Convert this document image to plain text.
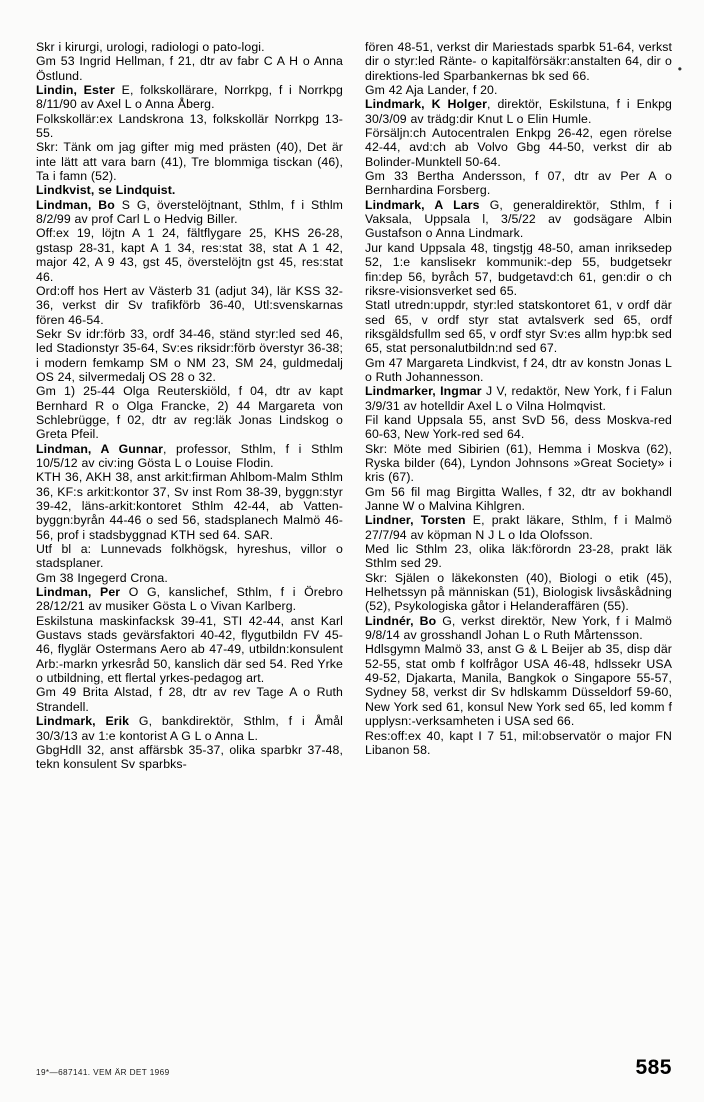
•

Skr i kirurgi, urologi, radiologi o pato-logi.

Gm 53 Ingrid Hellman, f 21, dtr av fabr C A H o Anna Östlund.

Lindin, Ester E, folkskollärare, Norrkpg, f i Norrkpg 8/11/90 av Axel L o Anna Åberg.

Folkskollär:ex Landskrona 13, folkskollär Norrkpg 13-55.

Skr: Tänk om jag gifter mig med prästen (40), Det är inte lätt att vara barn (41), Tre blommiga tisckan (46), Ta i famn (52).

Lindkvist, se Lindquist.

Lindman, Bo S G, överstelöjtnant, Sthlm, f i Sthlm 8/2/99 av prof Carl L o Hedvig Biller.

Off:ex 19, löjtn A 1 24, fältflygare 25, KHS 26-28, gstasp 28-31, kapt A 1 34, res:stat 38, stat A 1 42, major 42, A 9 43, gst 45, överstelöjtn gst 45, res:stat 46.

Ord:off hos Hert av Västerb 31 (adjut 34), lär KSS 32-36, verkst dir Sv trafikförb 36-40, Utl:svenskarnas fören 46-54.

Sekr Sv idr:förb 33, ordf 34-46, ständ styr:led sed 46, led Stadionstyr 35-64, Sv:es riksidr:förb överstyr 36-38; i modern femkamp SM o NM 23, SM 24, guldmedalj OS 24, silvermedalj OS 28 o 32.

Gm 1) 25-44 Olga Reuterskiöld, f 04, dtr av kapt Bernhard R o Olga Francke, 2) 44 Margareta von Schlebrügge, f 02, dtr av reg:läk Jonas Lindskog o Greta Pfeil.

Lindman, A Gunnar, professor, Sthlm, f i Sthlm 10/5/12 av civ:ing Gösta L o Louise Flodin.

KTH 36, AKH 38, anst arkit:firman Ahlbom-Malm Sthlm 36, KF:s arkit:kontor 37, Sv inst Rom 38-39, byggn:styr 39-42, läns-arkit:kontoret Sthlm 42-44, ab Vatten-byggn:byrån 44-46 o sed 56, stadsplanech Malmö 46-56, prof i stadsbyggnad KTH sed 64. SAR.

Utf bl a: Lunnevads folkhögsk, hyreshus, villor o stadsplaner.

Gm 38 Ingegerd Crona.

Lindman, Per O G, kanslichef, Sthlm, f i Örebro 28/12/21 av musiker Gösta L o Vivan Karlberg.

Eskilstuna maskinfacksk 39-41, STI 42-44, anst Karl Gustavs stads gevärsfaktori 40-42, flygutbildn FV 45-46, flyglär Ostermans Aero ab 47-49, utbildn:konsulent Arb:-markn yrkesråd 50, kanslich där sed 54. Red Yrke o utbildning, ett flertal yrkes-pedagog art.

Gm 49 Brita Alstad, f 28, dtr av rev Tage A o Ruth Strandell.

Lindmark, Erik G, bankdirektör, Sthlm, f i Åmål 30/3/13 av 1:e kontorist A G L o Anna L.

GbgHdlI 32, anst affärsbk 35-37, olika sparbkr 37-48, tekn konsulent Sv sparbks-

fören 48-51, verkst dir Mariestads sparbk 51-64, verkst dir o styr:led Ränte- o kapitalförsäkr:anstalten 64, dir o direktions-led Sparbankernas bk sed 66.

Gm 42 Aja Lander, f 20.

Lindmark, K Holger, direktör, Eskilstuna, f i Enkpg 30/3/09 av trädg:dir Knut L o Elin Humle.

Försäljn:ch Autocentralen Enkpg 26-42, egen rörelse 42-44, avd:ch ab Volvo Gbg 44-50, verkst dir ab Bolinder-Munktell 50-64.

Gm 33 Bertha Andersson, f 07, dtr av Per A o Bernhardina Forsberg.

Lindmark, A Lars G, generaldirektör, Sthlm, f i Vaksala, Uppsala l, 3/5/22 av godsägare Albin Gustafson o Anna Lindmark.

Jur kand Uppsala 48, tingstjg 48-50, aman inriksedep 52, 1:e kanslisekr kommunik:-dep 55, budgetsekr fin:dep 56, byråch 57, budgetavd:ch 61, gen:dir o ch riksre-visionsverket sed 65.

Statl utredn:uppdr, styr:led statskontoret 61, v ordf där sed 65, v ordf styr stat avtalsverk sed 65, ordf riksgäldsfullm sed 65, v ordf styr Sv:es allm hyp:bk sed 65, stat personalutbildn:nd sed 67.

Gm 47 Margareta Lindkvist, f 24, dtr av konstn Jonas L o Ruth Johannesson.

Lindmarker, Ingmar J V, redaktör, New York, f i Falun 3/9/31 av hotelldir Axel L o Vilna Holmqvist.

Fil kand Uppsala 55, anst SvD 56, dess Moskva-red 60-63, New York-red sed 64.

Skr: Möte med Sibirien (61), Hemma i Moskva (62), Ryska bilder (64), Lyndon Johnsons »Great Society» i kris (67).

Gm 56 fil mag Birgitta Walles, f 32, dtr av bokhandl Janne W o Malvina Kihlgren.

Lindner, Torsten E, prakt läkare, Sthlm, f i Malmö 27/7/94 av köpman N J L o Ida Olofsson.

Med lic Sthlm 23, olika läk:förordn 23-28, prakt läk Sthlm sed 29.

Skr: Själen o läkekonsten (40), Biologi o etik (45), Helhetssyn på människan (51), Biologisk livsåskådning (52), Psykologiska gåtor i Helanderaffären (55).

Lindnér, Bo G, verkst direktör, New York, f i Malmö 9/8/14 av grosshandl Johan L o Ruth Mårtensson.

Hdlsgymn Malmö 33, anst G & L Beijer ab 35, disp där 52-55, stat omb f kolfrågor USA 46-48, hdlssekr USA 49-52, Djakarta, Manila, Bangkok o Singapore 55-57, Sydney 58, verkst dir Sv hdlskamm Düsseldorf 59-60, New York sed 61, konsul New York sed 65, led komm f upplysn:-verksamheten i USA sed 66.

Res:off:ex 40, kapt I 7 51, mil:observatör o major FN Libanon 58.

19*—687141. VEM ÄR DET 1969	585
